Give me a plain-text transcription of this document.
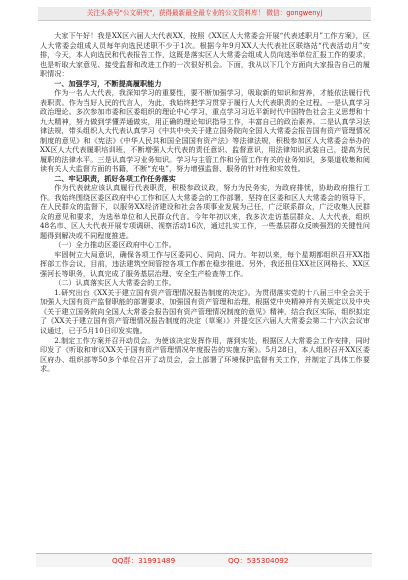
关注头条号"公文研究"，获得最新最全最专业的公文资料库！ 微信：gongwenyj

大家下午好！我是XX区六届人大代表XX，按照《XX区人大常委会开展“代表述职月”工作方案》，区人大常委会组成人员每年向选民述职不少于1次。根据今年9月XX人大代表社区联络站“代表活动月”安排，今天，本人向选民和代表报告工作，这既是落实区人大常委会组成人员向选举单位汇报工作的要求，也是听取大家意见、接受监督和改进工作的一次很好机会。下面，我从以下几个方面向大家报告自己的履职情况：

一、加强学习，不断提高履职能力

作为一名人大代表，我深知学习的重要性，要不断加强学习，吸取新的知识和营养，才能依法履行代表职责。作为当好人民的代言人，为此，我始终把学习贯穿于履行人大代表职责的全过程。一是认真学习政治理论。多次参加市委和区委组织的理论中心学习，重点学习习近平新时代中国特色社会主义思想和十九大精神，努力做到学懂弄通做实，用正确的理论知识指导工作，丰富自己的政治素养。二是认真学习法律法规，带头组织人大代表认真学习《中共中央关于建立国务院向全国人大常委会报告国有资产管理情况制度的意见》和《宪法》《中华人民共和国全国国有资产法》等法律法规，积极参加区人大常委会举办的XX区人大代表履职培训班，不断增强人大代表的责任意识、监督意识，用法律知识武装自己，提高为民履职的法律水平。三是认真学习业务知识。学习与主管工作和分管工作有关的业务知识，多渠道收集和阅读有关人大监督方面的书籍，不断“充电”，努力增强监督、服务的针对性和实效性。

二、牢记职责，抓好各项工作任务落实

作为代表就应该认真履行代表职责，积极参政议政，努力为民务实，为政府排忧，协助政府推行工作。我始终围绕区委区政府中心工作和区人大常委会的工作部署，坚持在区委和区人大常委会的领导下，在人民群众的监督下，以服务XX经济建设和社会各项事业发展为己任，广泛联系群众，广泛收集人民群众的意见和要求，为选举单位和人民群众代言。今年年初以来，我多次走访基层群众、人大代表，组织48名市、区人大代表开展专项调研、视察活动16次，通过扎实工作，一些基层群众反映强烈的关键性问题得到解决或不同程度推进。

（一）全力推动区委区政府中心工作。

牢固树立大局意识，确保各项工作与区委同心、同向、同力。年初以来，每个星期都组织召开XX指挥部工作会议，目前，违法建筑空间管控各项工作都在稳步推进。另外，我还扭住XX社区网格长、XX区强河长等职务，认真完成了服务基层治理、安全生产检查等工作。

（二）认真落实区人大常委会的工作。

1.研究出台《XX关于建立国有资产管理情况报告制度的决定》。为贯彻落实党的十八届三中全会关于加强人大国有资产监督职能的部署要求，加强国有资产管理和治理，根据党中央精神并有关规定以及中央《关于建立国务院向全国人大常委会报告国有资产管理情况制度的意见》精神，结合我区实际，组织拟定了《XX关于建立国有资产管理情况报告制度的决定（草案）》并提交区六届人大常委会第二十六次会议审议通过，已于5月10日印发实施。

2.制定工作方案并召开动员会。为使该决定发挥作用，落到实处，根据区人大常委会工作安排，同时印发了《听取和审议XX关于国有资产管理情况年度报告的实施方案》。5月28日，本人组织召开XX区委区府办、组织部等50多个单位召开了动员会，会上部署了环境保护监督有关工作，并制定了具体工作要求。

QQ群：31991489	QQ：535304092
